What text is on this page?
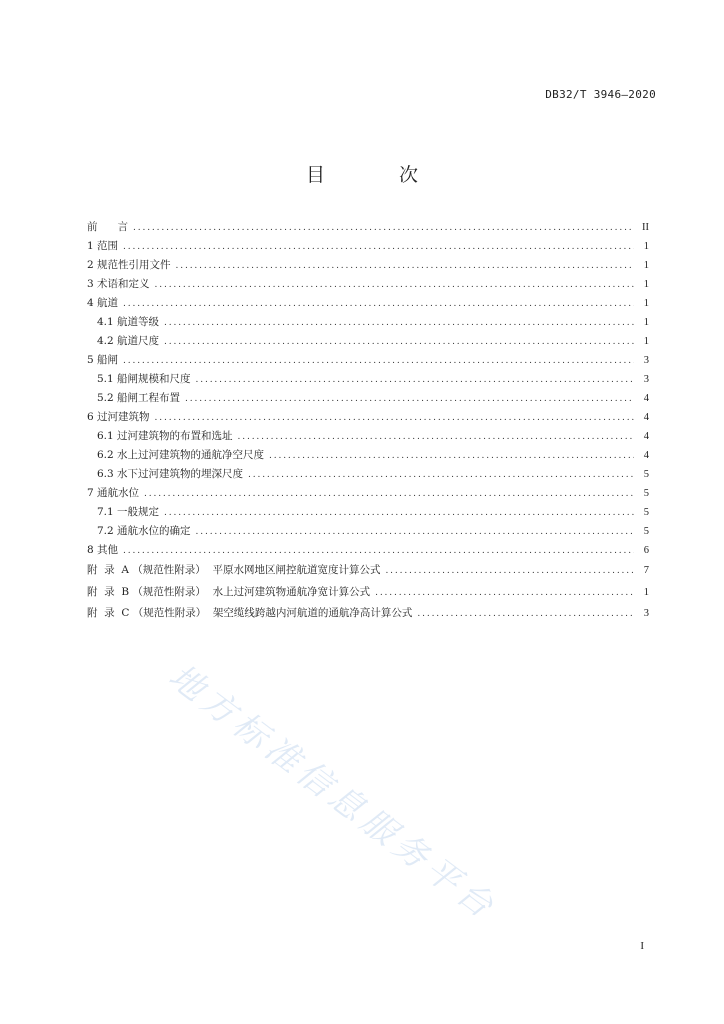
DB32/T 3946—2020
目 次
前      言 . . .	II
1 范围 . . .	1
2 规范性引用文件 . . .	1
3 术语和定义 . . .	1
4 航道 . . .	1
4.1 航道等级 . . .	1
4.2 航道尺度 . . .	1
5 船闸 . . .	3
5.1 船闸规模和尺度 . . .	3
5.2 船闸工程布置 . . .	4
6 过河建筑物 . . .	4
6.1 过河建筑物的布置和选址 . . .	4
6.2 水上过河建筑物的通航净空尺度 . . .	4
6.3 水下过河建筑物的埋深尺度 . . .	5
7 通航水位 . . .	5
7.1 一般规定 . . .	5
7.2 通航水位的确定 . . .	5
8 其他 . . .	6
附  录  A （规范性附录）  平原水网地区闸控航道宽度计算公式 . . .	7
附  录  B （规范性附录）  水上过河建筑物通航净宽计算公式 . . .	1
附  录  C （规范性附录）  架空缆线跨越内河航道的通航净高计算公式 . . .	3
地方标准信息服务平台
I
